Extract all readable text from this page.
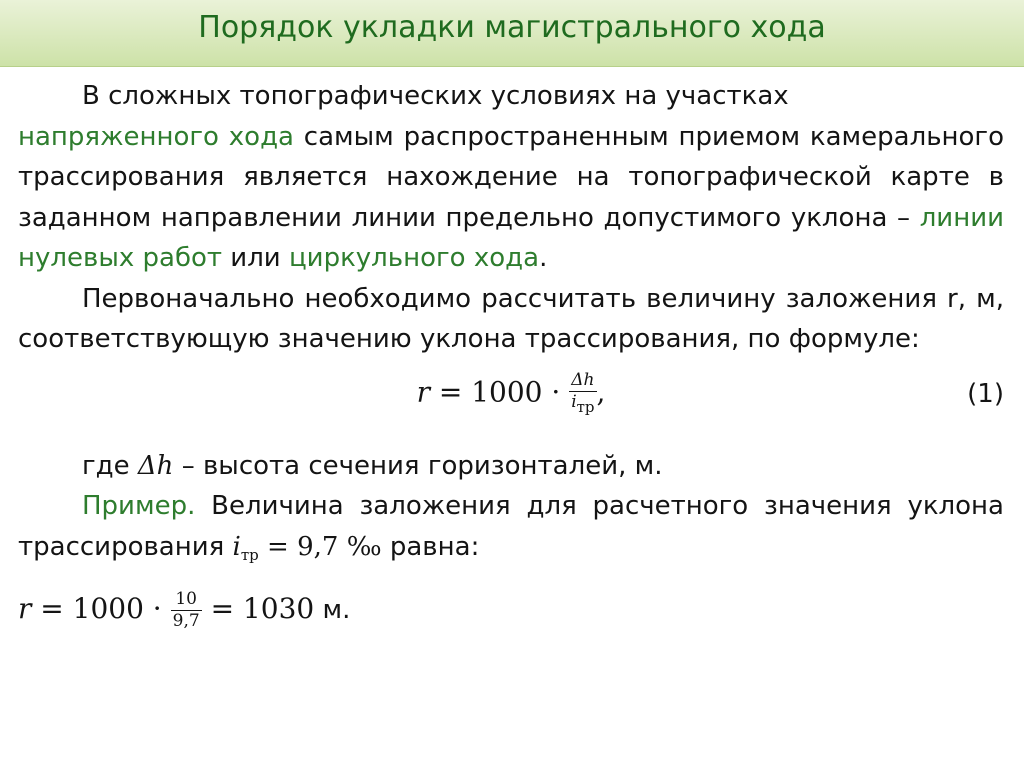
Порядок укладки магистрального хода

В сложных топографических условиях на участках
напряженного хода самым распространенным приемом камерального трассирования является нахождение на топографической карте в заданном направлении линии предельно допустимого уклона – линии нулевых работ или циркульного хода.

Первоначально необходимо рассчитать величину заложения r, м, соответствующую значению уклона трассирования, по формуле:

$r = 1000 \cdot \frac{\Delta h}{\text{iтр}}$ ,	(1)

где Δh – высота сечения горизонталей, м.

Пример. Величина заложения для расчетного значения уклона трассирования $i_{тр} = 9,7$ ‰ равна:

$r = 1000 \cdot \frac{10}{9,7} = 1030$ м.
